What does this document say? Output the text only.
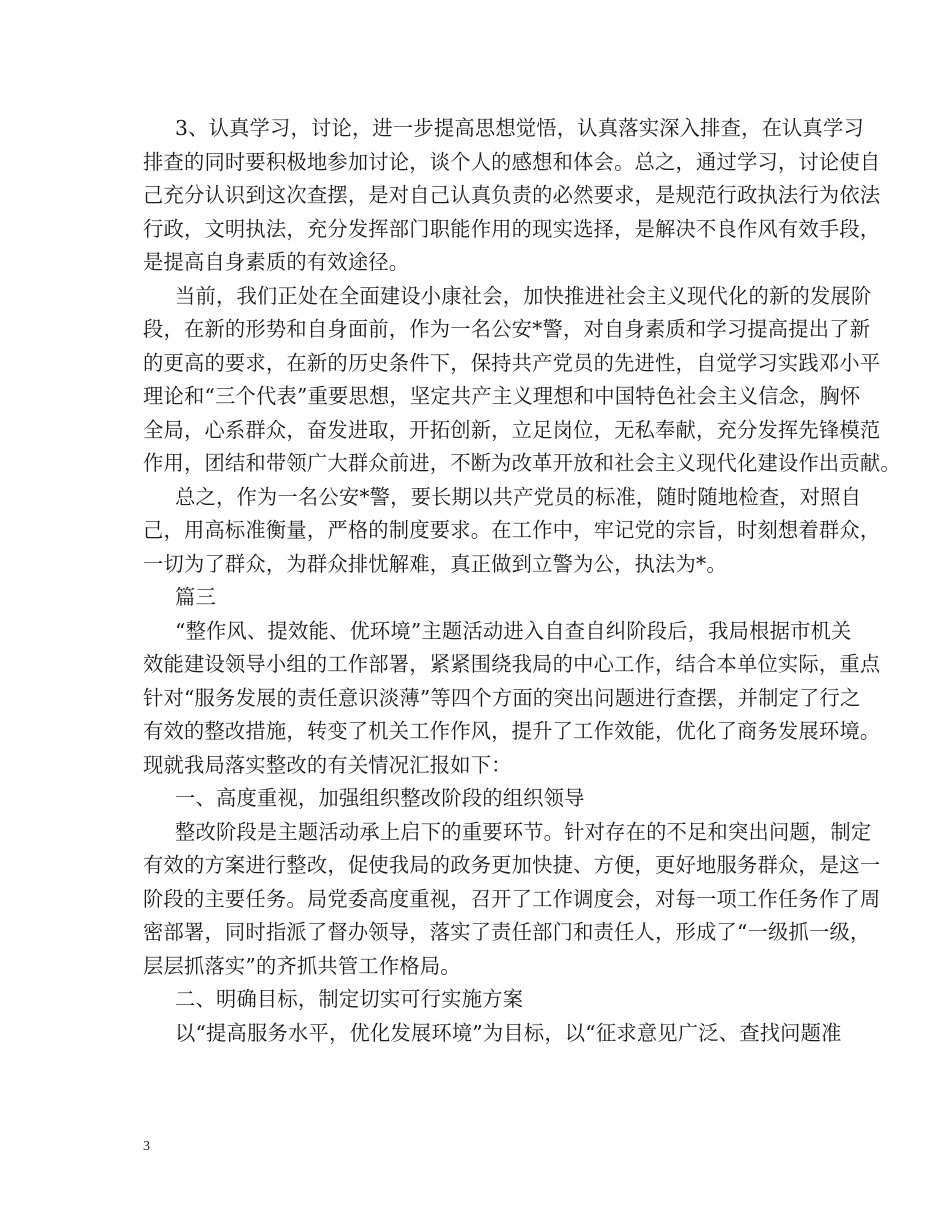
3、认真学习，讨论，进一步提高思想觉悟，认真落实深入排查，在认真学习
排查的同时要积极地参加讨论，谈个人的感想和体会。总之，通过学习，讨论使自
己充分认识到这次查摆，是对自己认真负责的必然要求，是规范行政执法行为依法
行政，文明执法，充分发挥部门职能作用的现实选择，是解决不良作风有效手段，
是提高自身素质的有效途径。
当前，我们正处在全面建设小康社会，加快推进社会主义现代化的新的发展阶
段，在新的形势和自身面前，作为一名公安*警，对自身素质和学习提高提出了新
的更高的要求，在新的历史条件下，保持共产党员的先进性，自觉学习实践邓小平
理论和“三个代表”重要思想，坚定共产主义理想和中国特色社会主义信念，胸怀
全局，心系群众，奋发进取，开拓创新，立足岗位，无私奉献，充分发挥先锋模范
作用，团结和带领广大群众前进，不断为改革开放和社会主义现代化建设作出贡献。
总之，作为一名公安*警，要长期以共产党员的标准，随时随地检查，对照自
己，用高标准衡量，严格的制度要求。在工作中，牢记党的宗旨，时刻想着群众，
一切为了群众，为群众排忧解难，真正做到立警为公，执法为*。
篇三
“整作风、提效能、优环境”主题活动进入自查自纠阶段后，我局根据市机关
效能建设领导小组的工作部署，紧紧围绕我局的中心工作，结合本单位实际，重点
针对“服务发展的责任意识淡薄”等四个方面的突出问题进行查摆，并制定了行之
有效的整改措施，转变了机关工作作风，提升了工作效能，优化了商务发展环境。
现就我局落实整改的有关情况汇报如下：
一、高度重视，加强组织整改阶段的组织领导
整改阶段是主题活动承上启下的重要环节。针对存在的不足和突出问题，制定
有效的方案进行整改，促使我局的政务更加快捷、方便，更好地服务群众，是这一
阶段的主要任务。局党委高度重视，召开了工作调度会，对每一项工作任务作了周
密部署，同时指派了督办领导，落实了责任部门和责任人，形成了“一级抓一级，
层层抓落实”的齐抓共管工作格局。
二、明确目标，制定切实可行实施方案
以“提高服务水平，优化发展环境”为目标，以“征求意见广泛、查找问题准
3
